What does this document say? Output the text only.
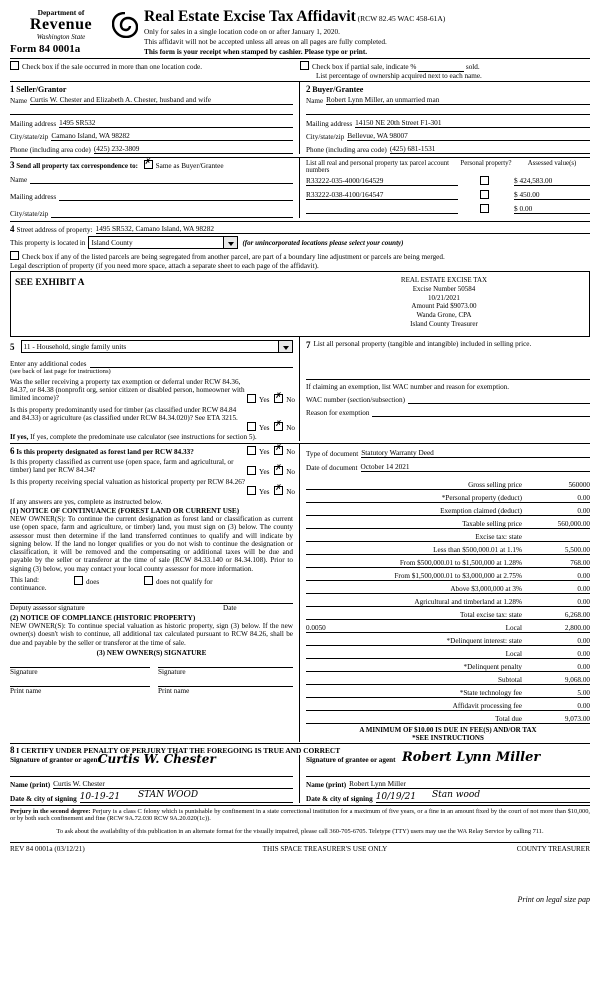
Department of
Revenue
Washington State
Form 84 0001a
Real Estate Excise Tax Affidavit (RCW 82.45 WAC 458-61A)

Only for sales in a single location code on or after January 1, 2020.

This affidavit will not be accepted unless all areas on all pages are fully completed.

This form is your receipt when stamped by cashier. Please type or print.

Check box if the sale occurred in more than one location code.	Check box if partial sale, indicate %	sold.
List percentage of ownership acquired next to each name.
1 Seller/Grantor
Name Curtis W. Chester and Elizabeth A. Chester, husband and wife
Mailing address 1495 SR532
City/state/zip Camano Island, WA 98282
Phone (including area code) (425) 232-3809
2 Buyer/Grantee
Name Robert Lynn Miller, an unmarried man
Mailing address 14150 NE 20th Street F1-301
City/state/zip Bellevue, WA 98007
Phone (including area code) (425) 681-1531
3 Send all property tax correspondence to: ✗ Same as Buyer/Grantee
Name
Mailing address
City/state/zip
List all real and personal property tax parcel account numbers
Personal property?	Assessed value(s)
R33222-035-4000/164529	$ 424,583.00
R33222-038-4100/164547	$ 450.00
$ 0.00
4 Street address of property: 1495 SR532, Camano Island, WA 98282
This property is located in Island County	(for unincorporated locations please select your county)
Check box if any of the listed parcels are being segregated from another parcel, are part of a boundary line adjustment or parcels are being merged.
Legal description of property (if you need more space, attach a separate sheet to each page of the affidavit).
SEE EXHIBIT A	REAL ESTATE EXCISE TAX
Excise Number 50584
10/21/2021
Amount Paid $9073.00
Wanda Grone, CPA
Island County Treasurer
5	11 - Household, single family units
Enter any additional codes
(see back of last page for instructions)
Was the seller receiving a property tax exemption or deferral under RCW 84.36, 84.37, or 84.38 (nonprofit org, senior citizen or disabled person, homeowner with limited income)?	Yes ✗ No
Is this property predominantly used for timber (as classified under RCW 84.84 and 84.33) or agriculture (as classified under RCW 84.34.020)? See ETA 3215.
Yes ✗ No
If yes, If yes, complete the predominate use calculator (see instructions for section 5).
7 List all personal property (tangible and intangible) included in selling price.
If claiming an exemption, list WAC number and reason for exemption.
WAC number (section/subsection)
Reason for exemption
6 Is this property designated as forest land per RCW 84.33?	Yes ✗ No
Is this property classified as current use (open space, farm and agricultural, or timber) land per RCW 84.34?	Yes ✗ No
Is this property receiving special valuation as historical property per RCW 84.26?
Yes ✗ No
If any answers are yes, complete as instructed below.
(1) NOTICE OF CONTINUANCE (FOREST LAND OR CURRENT USE)
NEW OWNER(S): To continue the current designation as forest land or classification as current use (open space, farm and agriculture, or timber) land, you must sign on (3) below. The county assessor must then determine if the land transferred continues to qualify and will indicate by signing below. If the land no longer qualifies or you do not wish to continue the designation or classification, it will be removed and the compensating or additional taxes will be due and payable by the seller or transferor at the time of sale (RCW 84.33.140 or 84.34.108). Prior to signing (3) below, you may contact your local county assessor for more information.
This land:
continuance.
does	does not qualify for
Deputy assessor signature	Date
(2) NOTICE OF COMPLIANCE (HISTORIC PROPERTY)
NEW OWNER(S): To continue special valuation as historic property, sign (3) below. If the new owner(s) doesn't wish to continue, all additional tax calculated pursuant to RCW 84.26, shall be due and payable by the seller or transferor at the time of sale.
(3) NEW OWNER(S) SIGNATURE
Signature	Signature
Print name	Print name
Type of document Statutory Warranty Deed
Date of document October 14 2021
Gross selling price	560000
*Personal property (deduct)	0.00
Exemption claimed (deduct)	0.00
Taxable selling price	560,000.00
Excise tax: state
Less than $500,000.01 at 1.1%	5,500.00
From $500,000.01 to $1,500,000 at 1.28%	768.00
From $1,500,000.01 to $3,000,000 at 2.75%	0.00
Above $3,000,000 at 3%	0.00
Agricultural and timberland at 1.28%	0.00
Total excise tax: state	6,268.00
0.0050	Local	2,800.00
*Delinquent interest: state	0.00
Local	0.00
*Delinquent penalty	0.00
Subtotal	9,068.00
*State technology fee	5.00
Affidavit processing fee	0.00
Total due	9,073.00
A MINIMUM OF $10.00 IS DUE IN FEE(S) AND/OR TAX
*SEE INSTRUCTIONS
8 I CERTIFY UNDER PENALTY OF PERJURY THAT THE FOREGOING IS TRUE AND CORRECT
Signature of grantor or agent
Curtis W. Chester
Name (print) Curtis W. Chester
Date & city of signing 10-19-21	STAN WOOD
Signature of grantee or agent Robert Lynn Miller
Name (print) Robert Lynn Miller
Date & city of signing 10/19/21	Stan wood
Perjury in the second degree: Perjury is a class C felony which is punishable by confinement in a state correctional institution for a maximum of five years, or a fine in an amount fixed by the court of not more than $10,000, or by both such confinement and fine (RCW 9A.72.030 RCW 9A.20.020(1c)).
To ask about the availability of this publication in an alternate format for the visually impaired, please call 360-705-6705. Teletype (TTY) users may use the WA Relay Service by calling 711.
REV 84 0001a (03/12/21)	THIS SPACE TREASURER'S USE ONLY	COUNTY TREASURER
Print on legal size pap
